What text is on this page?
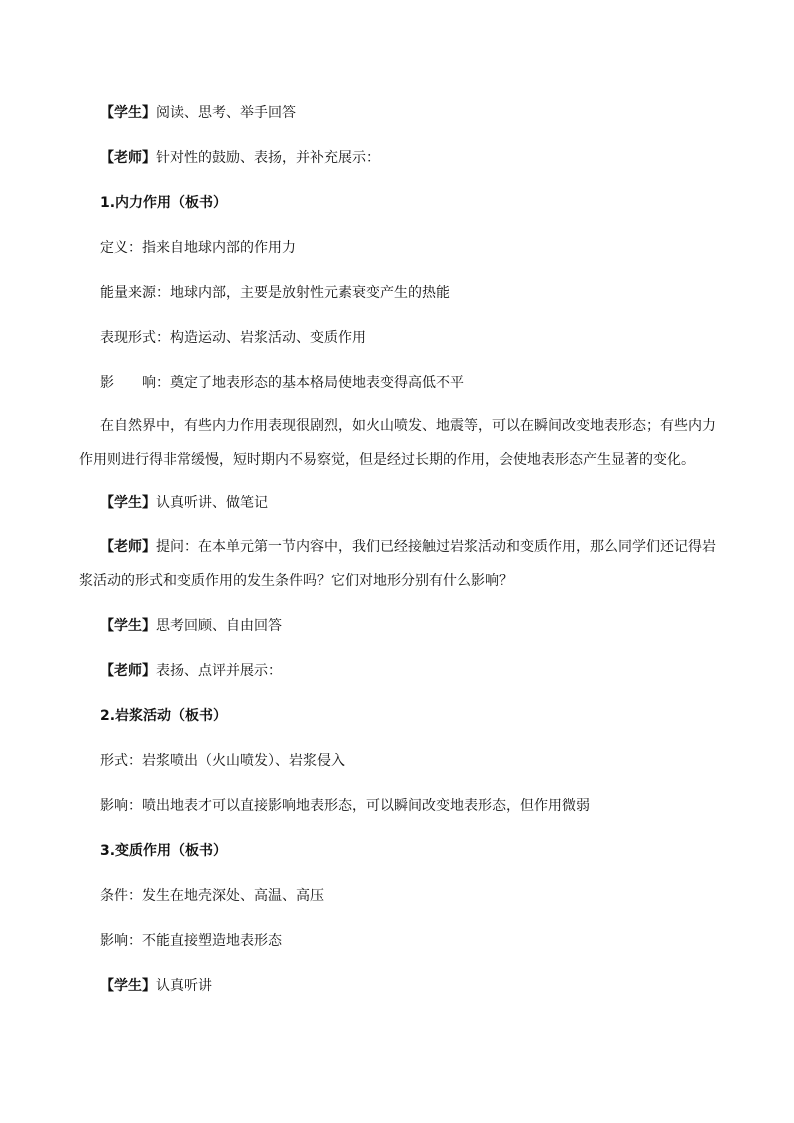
【学生】阅读、思考、举手回答
【老师】针对性的鼓励、表扬，并补充展示：
1.内力作用（板书）
定义：指来自地球内部的作用力
能量来源：地球内部，主要是放射性元素衰变产生的热能
表现形式：构造运动、岩浆活动、变质作用
影 响：奠定了地表形态的基本格局使地表变得高低不平
在自然界中，有些内力作用表现很剧烈，如火山喷发、地震等，可以在瞬间改变地表形态；有些内力
作用则进行得非常缓慢，短时期内不易察觉，但是经过长期的作用，会使地表形态产生显著的变化。
【学生】认真听讲、做笔记
【老师】提问：在本单元第一节内容中，我们已经接触过岩浆活动和变质作用，那么同学们还记得岩
浆活动的形式和变质作用的发生条件吗？它们对地形分别有什么影响？
【学生】思考回顾、自由回答
【老师】表扬、点评并展示：
2.岩浆活动（板书）
形式：岩浆喷出（火山喷发）、岩浆侵入
影响：喷出地表才可以直接影响地表形态，可以瞬间改变地表形态，但作用微弱
3.变质作用（板书）
条件：发生在地壳深处、高温、高压
影响：不能直接塑造地表形态
【学生】认真听讲
